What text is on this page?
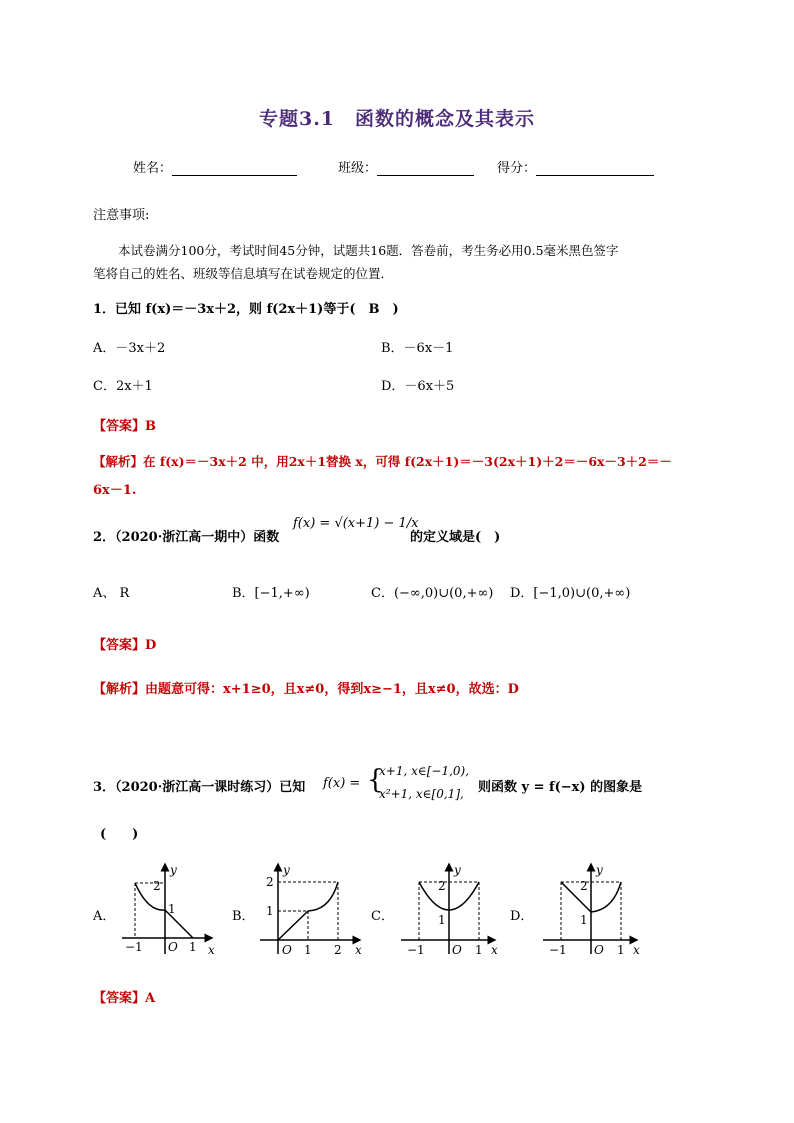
专题3.1　函数的概念及其表示
姓名：	班级：	得分：
注意事项:
本试卷满分100分，考试时间45分钟，试题共16题．答卷前，考生务必用0.5毫米黑色签字
笔将自己的姓名、班级等信息填写在试卷规定的位置．
1．已知 f(x)＝－3x＋2，则 f(2x＋1)等于(　B　)
A．－3x＋2	B．－6x－1
C．2x＋1	D．－6x＋5
【答案】B
【解析】在 f(x)＝－3x＋2 中，用2x＋1替换 x，可得 f(2x＋1)＝－3(2x＋1)＋2＝－6x－3＋2＝－
6x－1.
2．（2020·浙江高一期中）函数
f(x) = √(x+1) − 1/x
的定义域是(　)
A、 R	B．[−1,+∞)	C．(−∞,0)∪(0,+∞) D．[−1,0)∪(0,+∞)
【答案】D
【解析】由题意可得：x+1≥0，且x≠0，得到x≥−1，且x≠0，故选：D
3．（2020·浙江高一课时练习）已知 f(x) = {
x+1, x∈[−1,0),
x²+1, x∈[0,1], 则函数 y = f(−x) 的图象是
(　　)
A．	B．	C．	D．
y
x
O
−1	1
1
2
y
x
O 1 2
1
2
y
x
O
−1	1
1
2
y
x
O
−1	1
1
2
【答案】A
